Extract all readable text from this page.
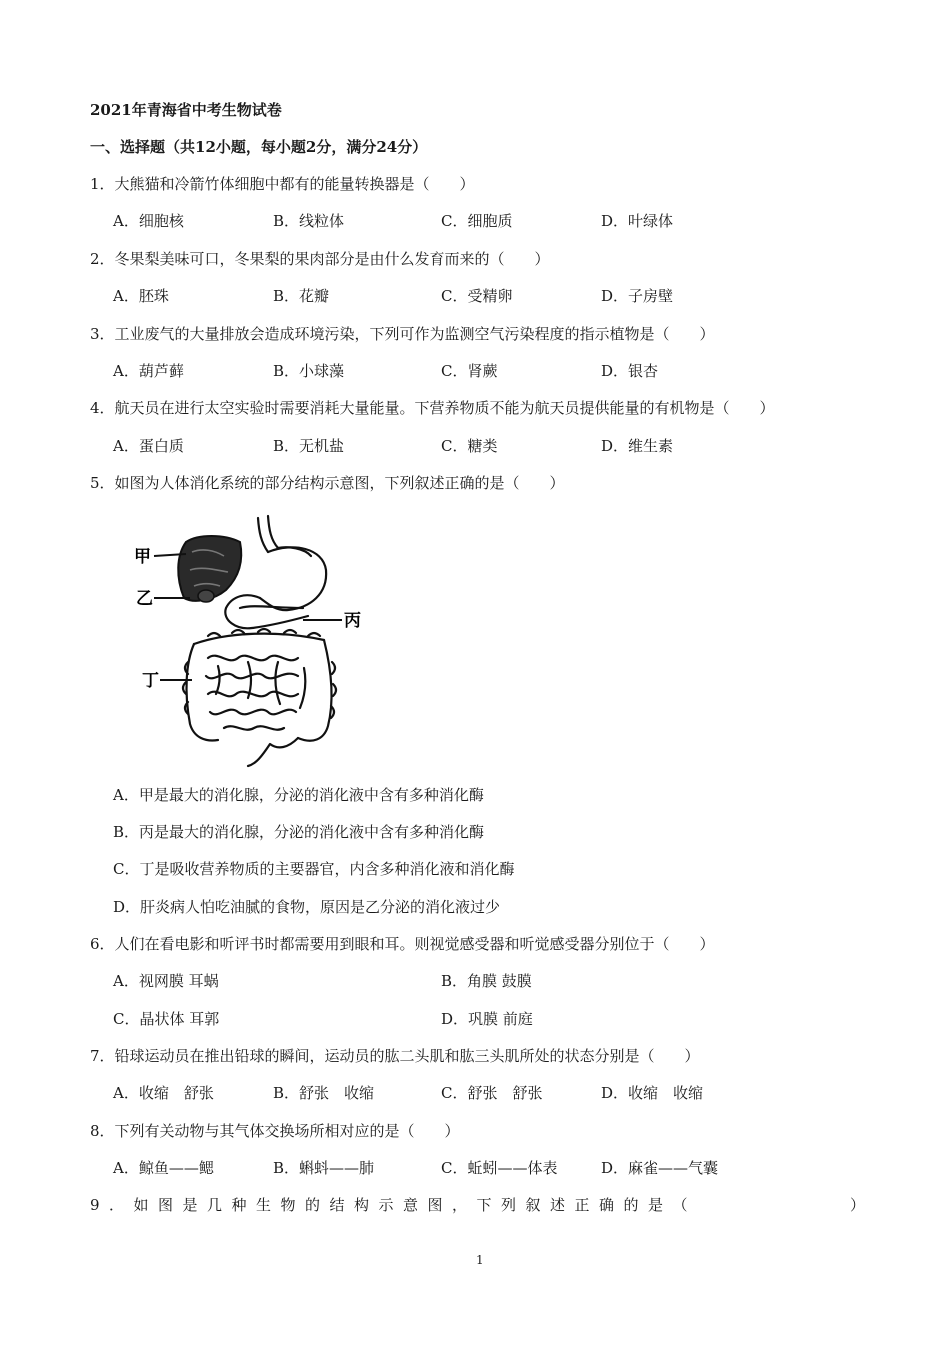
2021年青海省中考生物试卷
一、选择题（共12小题，每小题2分，满分24分）
1．大熊猫和冷箭竹体细胞中都有的能量转换器是（　　）
A．细胞核	B．线粒体	C．细胞质	D．叶绿体
2．冬果梨美味可口，冬果梨的果肉部分是由什么发育而来的（　　）
A．胚珠	B．花瓣	C．受精卵	D．子房壁
3．工业废气的大量排放会造成环境污染，下列可作为监测空气污染程度的指示植物是（　　）
A．葫芦藓	B．小球藻	C．肾蕨	D．银杏
4．航天员在进行太空实验时需要消耗大量能量。下营养物质不能为航天员提供能量的有机物是（　　）
A．蛋白质	B．无机盐	C．糖类	D．维生素
5．如图为人体消化系统的部分结构示意图，下列叙述正确的是（　　）
甲
乙
丙
丁
A．甲是最大的消化腺，分泌的消化液中含有多种消化酶
B．丙是最大的消化腺，分泌的消化液中含有多种消化酶
C．丁是吸收营养物质的主要器官，内含多种消化液和消化酶
D．肝炎病人怕吃油腻的食物，原因是乙分泌的消化液过少
6．人们在看电影和听评书时都需要用到眼和耳。则视觉感受器和听觉感受器分别位于（　　）
A．视网膜 耳蜗	B．角膜 鼓膜
C．晶状体 耳郭	D．巩膜 前庭
7．铅球运动员在推出铅球的瞬间，运动员的肱二头肌和肱三头肌所处的状态分别是（　　）
A．收缩　舒张	B．舒张　收缩	C．舒张　舒张	D．收缩　收缩
8．下列有关动物与其气体交换场所相对应的是（　　）
A．鲸鱼——鳃	B．蝌蚪——肺	C．蚯蚓——体表	D．麻雀——气囊
9．如图是几种生物的结构示意图，下列叙述正确的是（	）
1
